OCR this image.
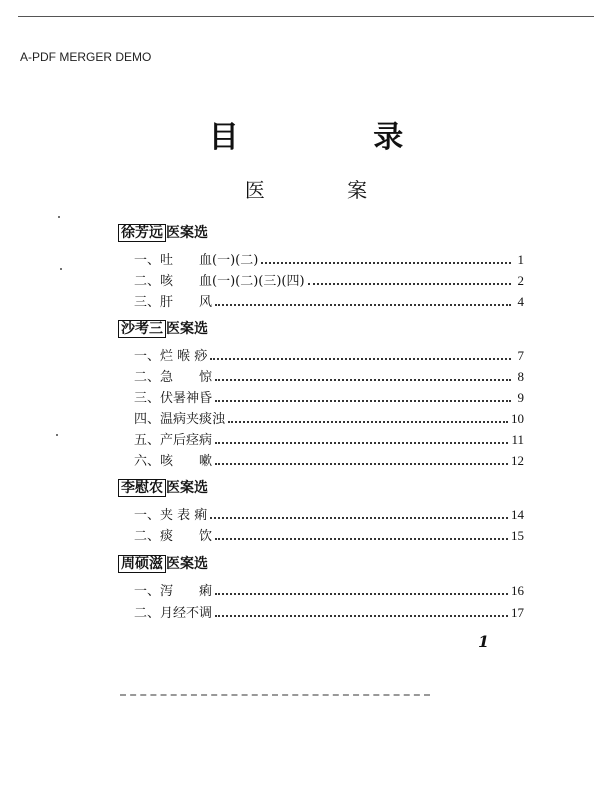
A-PDF MERGER DEMO
目 录
医 案
徐芳远 医案选
一、吐　　血(一)(二)	1
二、咳　　血(一)(二)(三)(四)	2
三、肝　　风	4
沙考三 医案选
一、烂 喉 痧	7
二、急　　惊	8
三、伏暑神昏	9
四、温病夹痰浊	10
五、产后痉病	11
六、咳　　嗽	12
李慰农 医案选
一、夹 表 痢	14
二、痰　　饮	15
周硕滋 医案选
一、泻　　痢	16
二、月经不调	17
1
